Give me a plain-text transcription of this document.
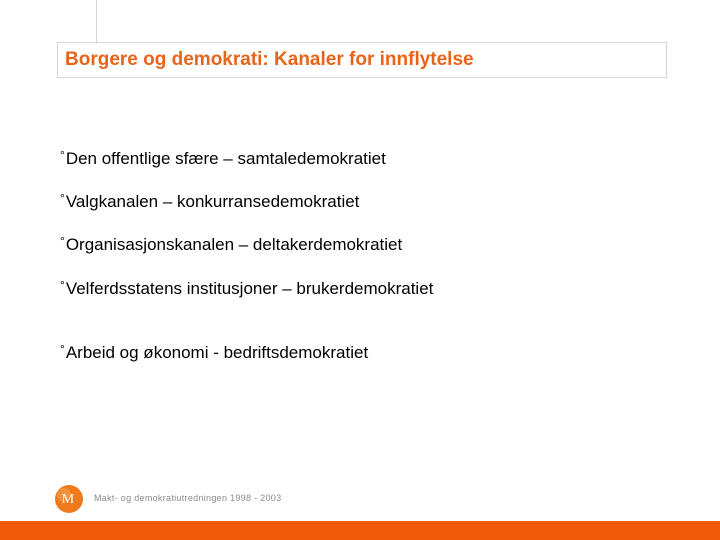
Borgere og demokrati: Kanaler for innflytelse
°Den offentlige sfære – samtaledemokratiet
°Valgkanalen – konkurransedemokratiet
°Organisasjonskanalen – deltakerdemokratiet
°Velferdsstatens institusjoner – brukerdemokratiet
°Arbeid og økonomi - bedriftsdemokratiet
M Makt- og demokratiutredningen 1998 - 2003
